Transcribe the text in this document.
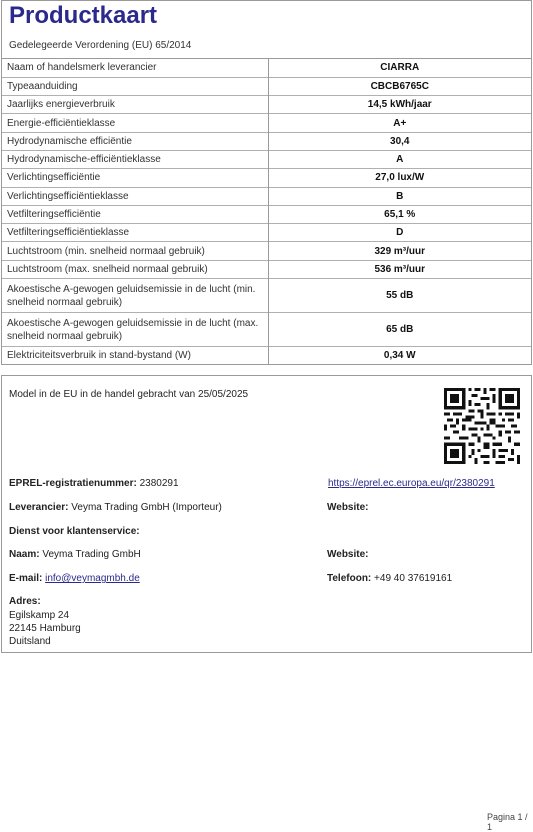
Productkaart
Gedelegeerde Verordening (EU) 65/2014
Naam of handelsmerk leverancier	CIARRA
Typeaanduiding	CBCB6765C
Jaarlijks energieverbruik	14,5 kWh/jaar
Energie-efficiëntieklasse	A+
Hydrodynamische efficiëntie	30,4
Hydrodynamische-efficiëntieklasse	A
Verlichtingsefficiëntie	27,0 lux/W
Verlichtingsefficiëntieklasse	B
Vetfilteringsefficiëntie	65,1 %
Vetfilteringsefficiëntieklasse	D
Luchtstroom (min. snelheid normaal gebruik)	329 m³/uur
Luchtstroom (max. snelheid normaal gebruik)	536 m³/uur
Akoestische A-gewogen geluidsemissie in de lucht (min. snelheid normaal gebruik)	55 dB
Akoestische A-gewogen geluidsemissie in de lucht (max. snelheid normaal gebruik)	65 dB
Elektriciteitsverbruik in stand-bystand (W)	0,34 W
Model in de EU in de handel gebracht van 25/05/2025
EPREL-registratienummer: 2380291	https://eprel.ec.europa.eu/qr/2380291
Leverancier: Veyma Trading GmbH (Importeur)	Website:
Dienst voor klantenservice:
Naam: Veyma Trading GmbH	Website:
E-mail: info@veymagmbh.de	Telefoon: +49 40 37619161
Adres:
Egilskamp 24
22145 Hamburg
Duitsland
Pagina 1 / 1
